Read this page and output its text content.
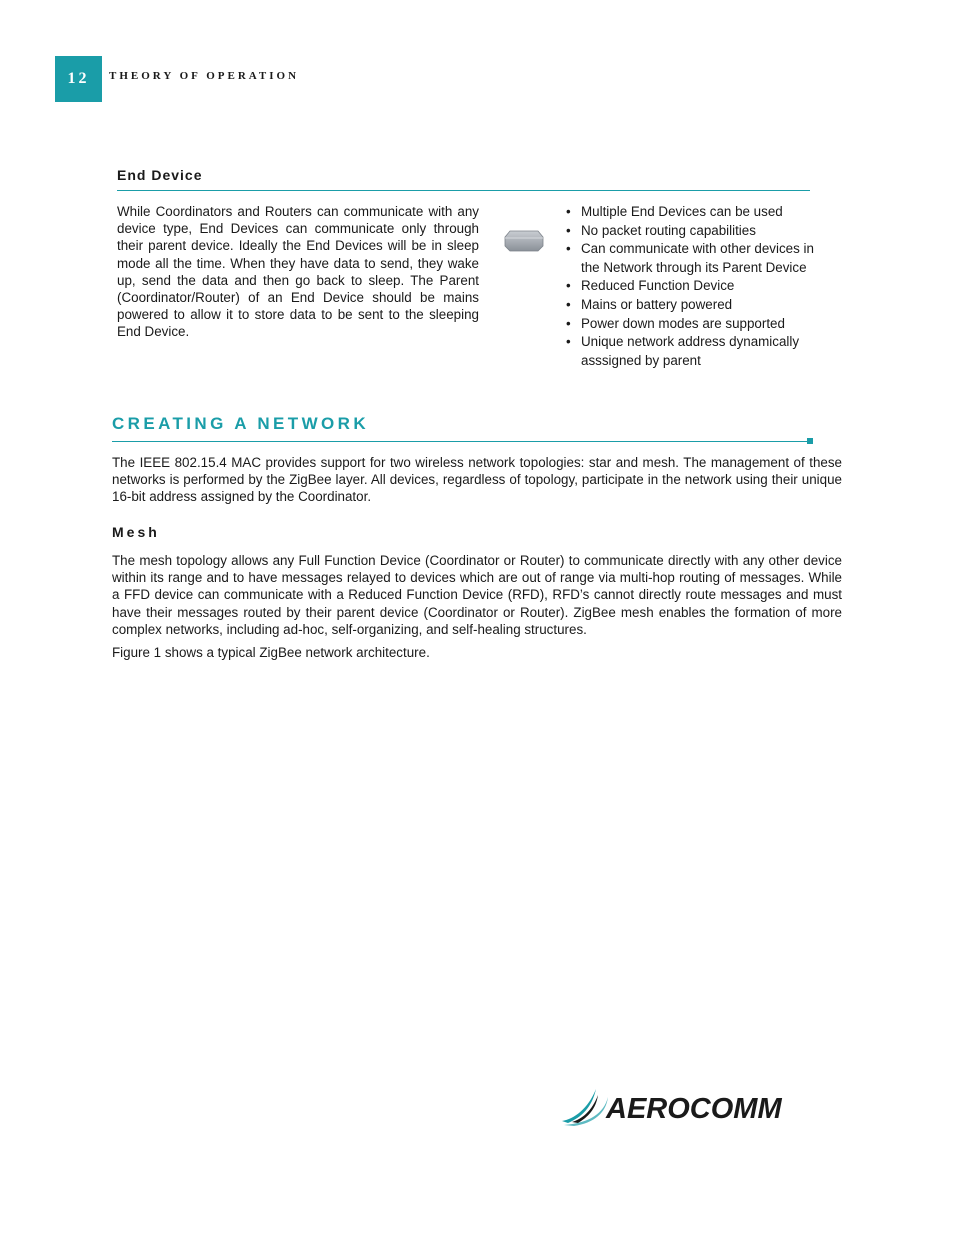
12	THEORY OF OPERATION
End Device

While Coordinators and Routers can communicate with any device type, End Devices can communicate only through their parent device. Ideally the End Devices will be in sleep mode all the time. When they have data to send, they wake up, send the data and then go back to sleep. The Parent (Coordinator/Router) of an End Device should be mains powered to allow it to store data to be sent to the sleeping End Device.

• Multiple End Devices can be used
• No packet routing capabilities
• Can communicate with other devices in the Network through its Parent Device
• Reduced Function Device
• Mains or battery powered
• Power down modes are supported
• Unique network address dynamically asssigned by parent
CREATING A NETWORK

The IEEE 802.15.4 MAC provides support for two wireless network topologies: star and mesh. The management of these networks is performed by the ZigBee layer. All devices, regardless of topology, participate in the network using their unique 16-bit address assigned by the Coordinator.

Mesh

The mesh topology allows any Full Function Device (Coordinator or Router) to communicate directly with any other device within its range and to have messages relayed to devices which are out of range via multi-hop routing of messages. While a FFD device can communicate with a Reduced Function Device (RFD), RFD’s cannot directly route messages and must have their messages routed by their parent device (Coordinator or Router). ZigBee mesh enables the formation of more complex networks, including ad-hoc, self-organizing, and self-healing structures.

Figure 1 shows a typical ZigBee network architecture.

AEROCOMM
